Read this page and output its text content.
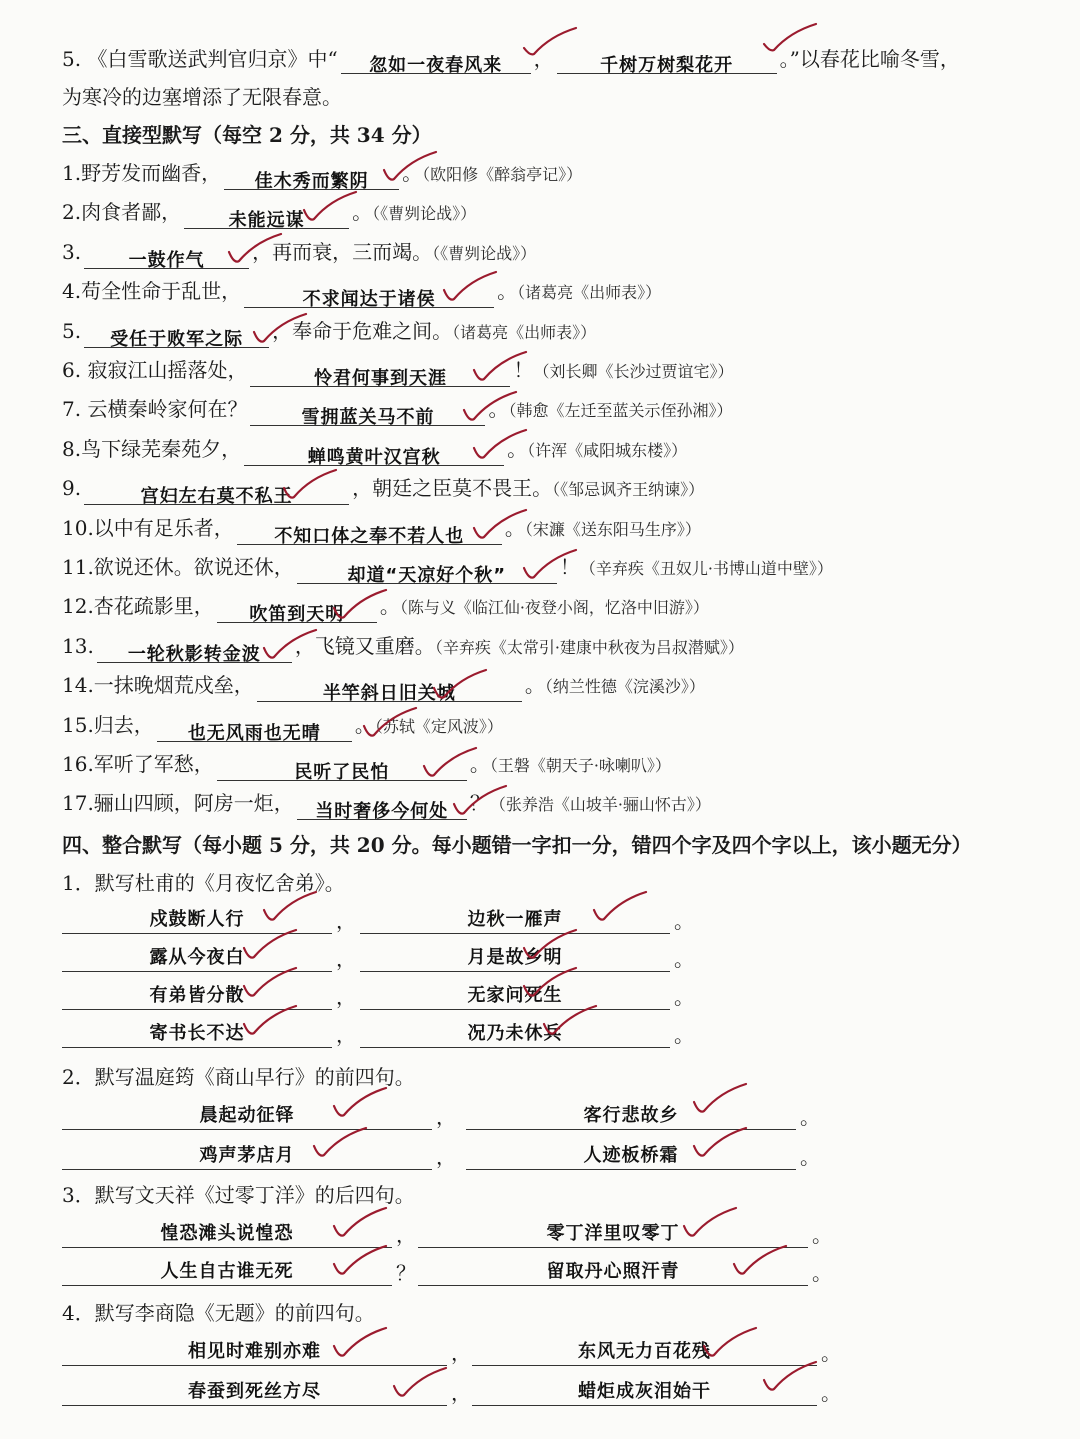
5. 《白雪歌送武判官归京》中“ 忽如一夜春风来 ，	千树万树梨花开 。”以春花比喻冬雪，
为寒冷的边塞增添了无限春意。
三、直接型默写（每空 2 分，共 34 分）
1.野芳发而幽香， 佳木秀而繁阴 。（欧阳修《醉翁亭记》）
2.肉食者鄙，	未能远谋 。（《曹刿论战》）
3.	一鼓作气 ，再而衰，三而竭。（《曹刿论战》）
4.苟全性命于乱世，	不求闻达于诸侯	。（诸葛亮《出师表》）
5. 受任于败军之际 ，奉命于危难之间。（诸葛亮《出师表》）
6. 寂寂江山摇落处，	怜君何事到天涯	！（刘长卿《长沙过贾谊宅》）
7. 云横秦岭家何在？	雪拥蓝关马不前	。（韩愈《左迁至蓝关示侄孙湘》）
8.鸟下绿芜秦苑夕，	蝉鸣黄叶汉宫秋	。（许浑《咸阳城东楼》）
9.	宫妇左右莫不私王	，朝廷之臣莫不畏王。（《邹忌讽齐王纳谏》）
10.以中有足乐者， 不知口体之奉不若人也 。（宋濂《送东阳马生序》）
11.欲说还休。欲说还休，	却道“天凉好个秋”	！（辛弃疾《丑奴儿·书博山道中壁》）
12.杏花疏影里， 吹笛到天明 。（陈与义《临江仙·夜登小阁，忆洛中旧游》）
13. 一轮秋影转金波 ，飞镜又重磨。（辛弃疾《太常引·建康中秋夜为吕叔潜赋》）
14.一抹晚烟荒戍垒，	半竿斜日旧关城	。（纳兰性德《浣溪沙》）
15.归去， 也无风雨也无晴 。（苏轼《定风波》）
16.军听了军愁，	民听了民怕	。（王磐《朝天子·咏喇叭》）
17.骊山四顾，阿房一炬， 当时奢侈今何处 ？（张养浩《山坡羊·骊山怀古》）
四、整合默写（每小题 5 分，共 20 分。每小题错一字扣一分，错四个字及四个字以上，该小题无分）
1．默写杜甫的《月夜忆舍弟》。
戍鼓断人行	，	边秋一雁声	。
露从今夜白	，	月是故乡明	。
有弟皆分散	，	无家问死生	。
寄书长不达	，	况乃未休兵	。
2．默写温庭筠《商山早行》的前四句。
晨起动征铎	，	客行悲故乡	。
鸡声茅店月	，	人迹板桥霜	。
3．默写文天祥《过零丁洋》的后四句。
惶恐滩头说惶恐	，	零丁洋里叹零丁	。
人生自古谁无死	？	留取丹心照汗青	。
4．默写李商隐《无题》的前四句。
相见时难别亦难	，	东风无力百花残	。
春蚕到死丝方尽	，	蜡炬成灰泪始干	。
